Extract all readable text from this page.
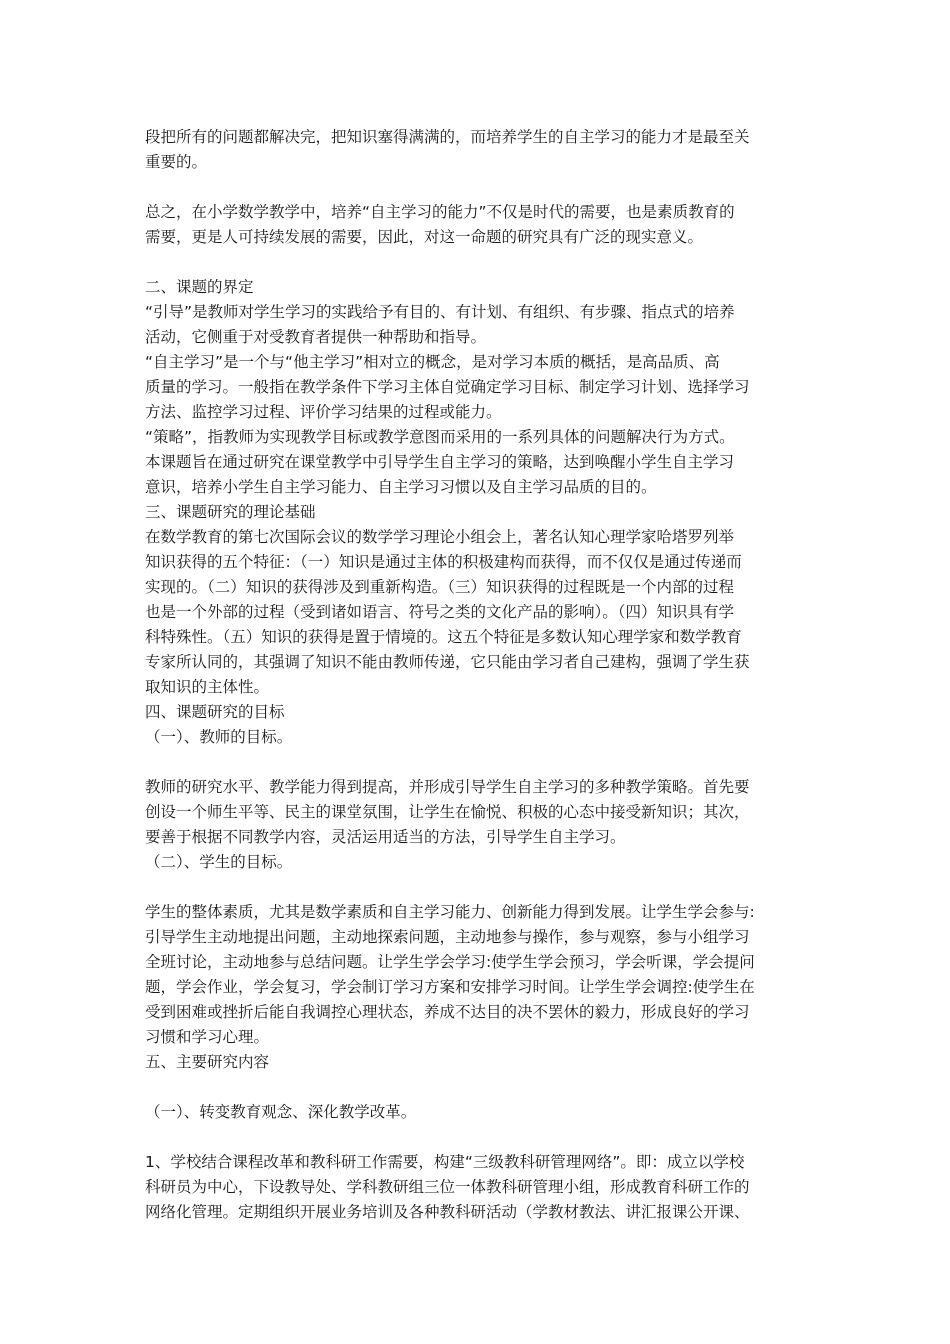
段把所有的问题都解决完，把知识塞得满满的，而培养学生的自主学习的能力才是最至关
重要的。
总之，在小学数学教学中，培养“自主学习的能力”不仅是时代的需要，也是素质教育的
需要，更是人可持续发展的需要，因此，对这一命题的研究具有广泛的现实意义。
二、课题的界定
“引导”是教师对学生学习的实践给予有目的、有计划、有组织、有步骤、指点式的培养
活动，它侧重于对受教育者提供一种帮助和指导。
“自主学习”是一个与“他主学习”相对立的概念，是对学习本质的概括，是高品质、高
质量的学习。一般指在教学条件下学习主体自觉确定学习目标、制定学习计划、选择学习
方法、监控学习过程、评价学习结果的过程或能力。
“策略”，指教师为实现教学目标或教学意图而采用的一系列具体的问题解决行为方式。
本课题旨在通过研究在课堂教学中引导学生自主学习的策略，达到唤醒小学生自主学习
意识，培养小学生自主学习能力、自主学习习惯以及自主学习品质的目的。
三、课题研究的理论基础
在数学教育的第七次国际会议的数学学习理论小组会上，著名认知心理学家哈塔罗列举
知识获得的五个特征：（一）知识是通过主体的积极建构而获得，而不仅仅是通过传递而
实现的。（二）知识的获得涉及到重新构造。（三）知识获得的过程既是一个内部的过程
也是一个外部的过程（受到诸如语言、符号之类的文化产品的影响）。（四）知识具有学
科特殊性。（五）知识的获得是置于情境的。这五个特征是多数认知心理学家和数学教育
专家所认同的，其强调了知识不能由教师传递，它只能由学习者自己建构，强调了学生获
取知识的主体性。
四、课题研究的目标
（一）、教师的目标。
教师的研究水平、教学能力得到提高，并形成引导学生自主学习的多种教学策略。首先要
创设一个师生平等、民主的课堂氛围，让学生在愉悦、积极的心态中接受新知识；其次，
要善于根据不同教学内容，灵活运用适当的方法，引导学生自主学习。
（二）、学生的目标。
学生的整体素质，尤其是数学素质和自主学习能力、创新能力得到发展。让学生学会参与:
引导学生主动地提出问题，主动地探索问题，主动地参与操作，参与观察，参与小组学习
全班讨论，主动地参与总结问题。让学生学会学习:使学生学会预习，学会听课，学会提问
题，学会作业，学会复习，学会制订学习方案和安排学习时间。让学生学会调控:使学生在
受到困难或挫折后能自我调控心理状态，养成不达目的决不罢休的毅力，形成良好的学习
习惯和学习心理。
五、主要研究内容
（一）、转变教育观念、深化教学改革。
1、学校结合课程改革和教科研工作需要，构建“三级教科研管理网络”。即：成立以学校
科研员为中心，下设教导处、学科教研组三位一体教科研管理小组，形成教育科研工作的
网络化管理。定期组织开展业务培训及各种教科研活动（学教材教法、讲汇报课公开课、
